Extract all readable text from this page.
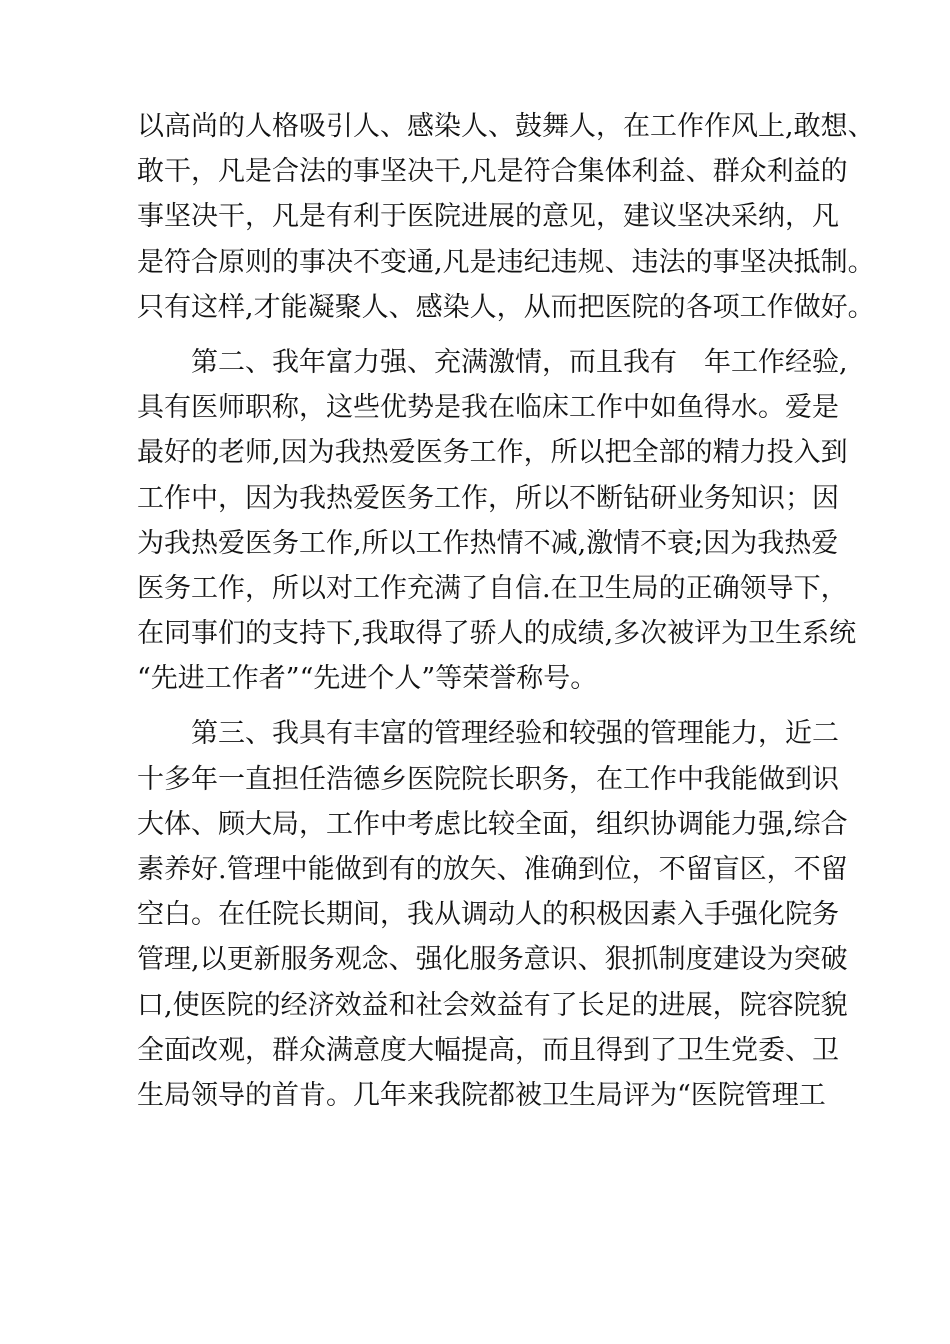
以高尚的人格吸引人、感染人、鼓舞人，在工作作风上,敢想、
敢干，凡是合法的事坚决干,凡是符合集体利益、群众利益的
事坚决干，凡是有利于医院进展的意见，建议坚决采纳，凡
是符合原则的事决不变通,凡是违纪违规、违法的事坚决抵制。
只有这样,才能凝聚人、感染人，从而把医院的各项工作做好。
第二、我年富力强、充满激情，而且我有　年工作经验,
具有医师职称，这些优势是我在临床工作中如鱼得水。爱是
最好的老师,因为我热爱医务工作，所以把全部的精力投入到
工作中，因为我热爱医务工作，所以不断钻研业务知识；因
为我热爱医务工作,所以工作热情不减,激情不衰;因为我热爱
医务工作，所以对工作充满了自信.在卫生局的正确领导下，
在同事们的支持下,我取得了骄人的成绩,多次被评为卫生系统
“先进工作者”“先进个人”等荣誉称号。
第三、我具有丰富的管理经验和较强的管理能力，近二
十多年一直担任浩德乡医院院长职务，在工作中我能做到识
大体、顾大局，工作中考虑比较全面，组织协调能力强,综合
素养好.管理中能做到有的放矢、准确到位，不留盲区，不留
空白。在任院长期间，我从调动人的积极因素入手强化院务
管理,以更新服务观念、强化服务意识、狠抓制度建设为突破
口,使医院的经济效益和社会效益有了长足的进展，院容院貌
全面改观，群众满意度大幅提高，而且得到了卫生党委、卫
生局领导的首肯。几年来我院都被卫生局评为“医院管理工
